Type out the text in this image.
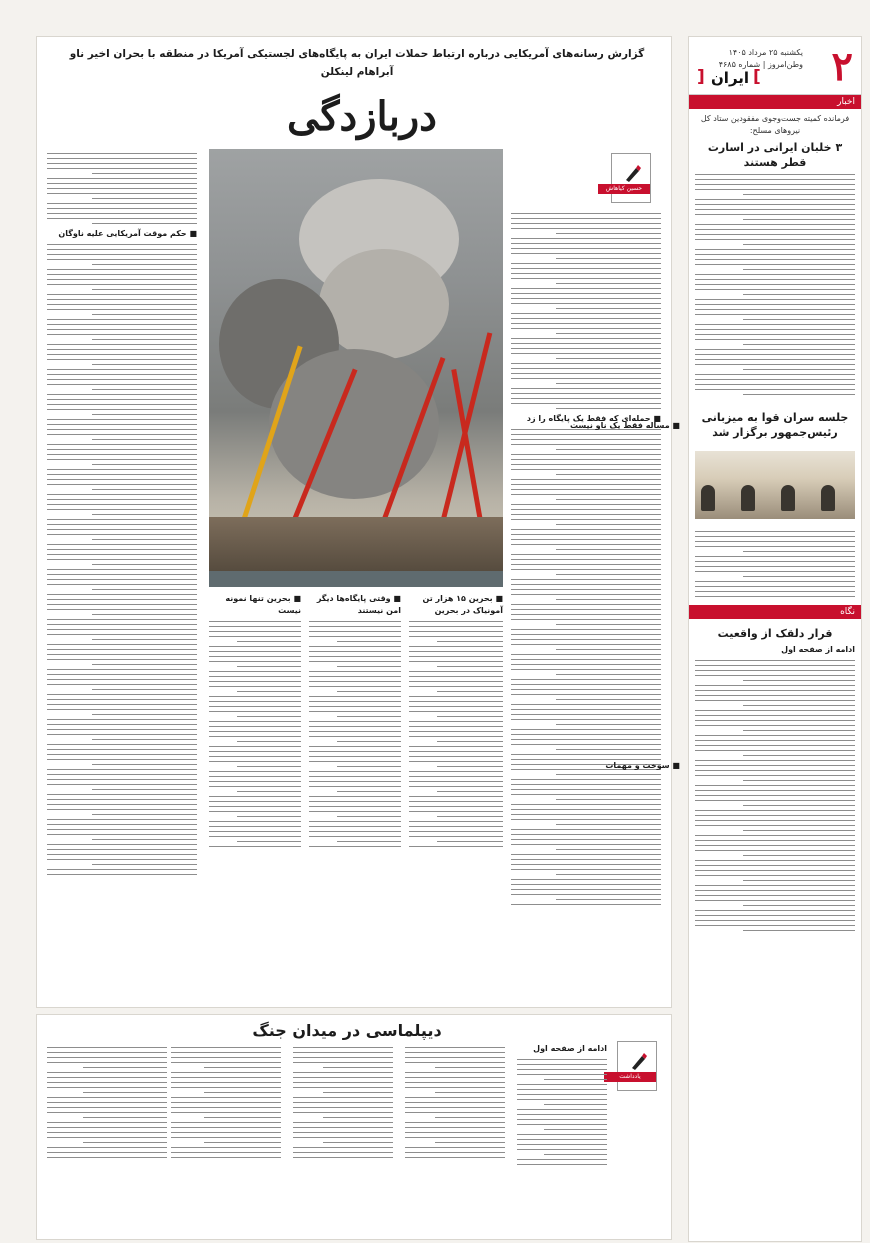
۲
یکشنبه ۲۵ مرداد ۱۴۰۵
وطن‌امروز | شماره ۴۶۸۵
]
ایران
[
اخبار
فرمانده کمیته جست‌وجوی مفقودین ستاد کل نیروهای مسلح:
۳ خلبان ایرانی در اسارت قطر هستند
جلسه سران قوا به میزبانی رئیس‌جمهور برگزار شد
نگاه
قرار دلقک از واقعیت
ادامه از صفحه اول
گزارش رسانه‌های آمریکایی درباره ارتباط حملات ایران به پایگاه‌های لجستیکی آمریکا در منطقه با بحران اخیر ناو آبراهام لینکلن
دربازدگی
حسین کیاهاش
■ حمله‌ای که فقط یک پایگاه را زد
■ حکم موقت آمریکایی علیه ناوگان
■ بحرین تنها نمونه نیست
■ وقتی پایگاه‌ها دیگر امن نیستند
■ بحرین ۱۵ هزار تن آمونیاک در بحرین
دیپلماسی در میدان جنگ
یادداشت
ادامه از صفحه اول
■ مساله فقط یک ناو نیست
■ سوخت و مهمات
